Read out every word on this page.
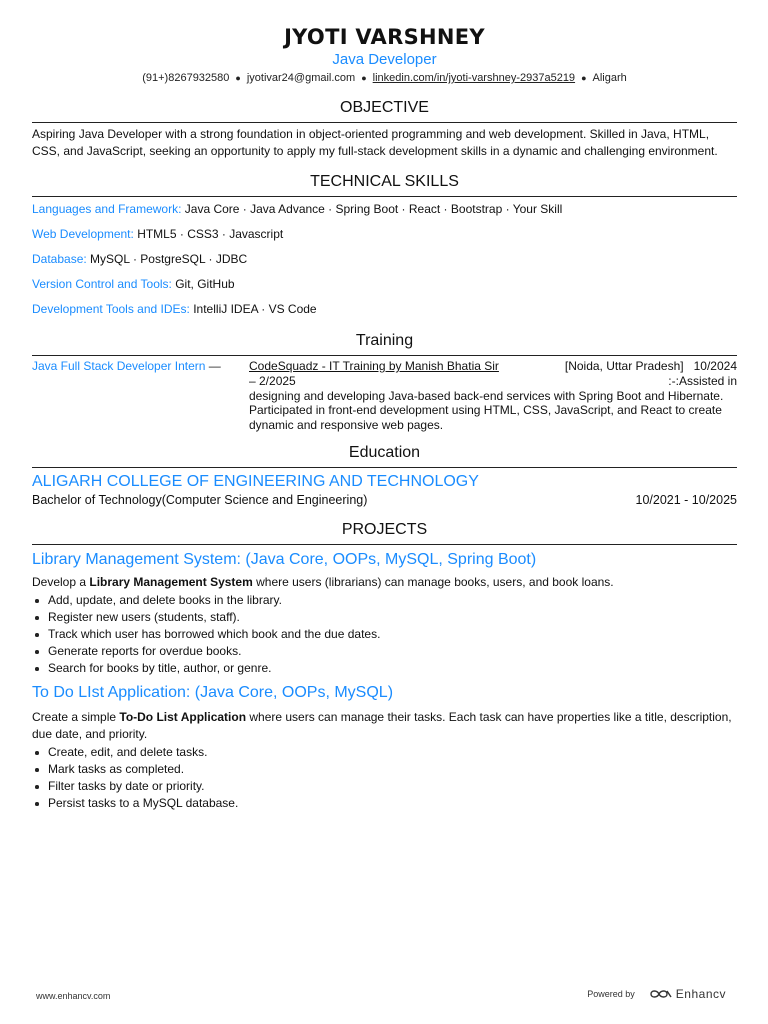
JYOTI VARSHNEY
Java Developer
(91+)8267932580 ● jyotivar24@gmail.com ● linkedin.com/in/jyoti-varshney-2937a5219 ● Aligarh
OBJECTIVE
Aspiring Java Developer with a strong foundation in object-oriented programming and web development. Skilled in Java, HTML, CSS, and JavaScript, seeking an opportunity to apply my full-stack development skills in a dynamic and challenging environment.
TECHNICAL SKILLS
Languages and Framework: Java Core · Java Advance · Spring Boot · React · Bootstrap · Your Skill
Web Development: HTML5 · CSS3 · Javascript
Database: MySQL · PostgreSQL · JDBC
Version Control and Tools: Git, GitHub
Development Tools and IDEs: IntelliJ IDEA · VS Code
Training
Java Full Stack Developer Intern —	CodeSquadz - IT Training by Manish Bhatia Sir	[Noida, Uttar Pradesh] 10/2024
– 2/2025	:-:Assisted in
designing and developing Java-based back-end services with Spring Boot and Hibernate. Participated in front-end development using HTML, CSS, JavaScript, and React to create dynamic and responsive web pages.
Education
ALIGARH COLLEGE OF ENGINEERING AND TECHNOLOGY
Bachelor of Technology(Computer Science and Engineering)	10/2021 - 10/2025
PROJECTS
Library Management System: (Java Core, OOPs, MySQL, Spring Boot)
Develop a Library Management System where users (librarians) can manage books, users, and book loans.
Add, update, and delete books in the library.
Register new users (students, staff).
Track which user has borrowed which book and the due dates.
Generate reports for overdue books.
Search for books by title, author, or genre.
To Do LIst Application: (Java Core, OOPs, MySQL)
Create a simple To-Do List Application where users can manage their tasks. Each task can have properties like a title, description, due date, and priority.
Create, edit, and delete tasks.
Mark tasks as completed.
Filter tasks by date or priority.
Persist tasks to a MySQL database.
www.enhancv.com	Powered by	Enhancv
